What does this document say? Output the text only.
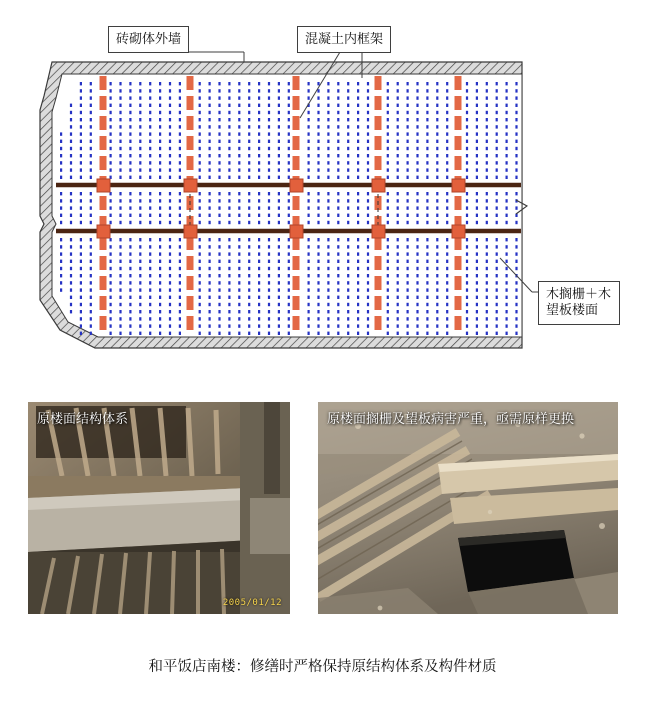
砖砌体外墙	混凝土内框架
木搁栅＋木望板楼面
原楼面结构体系
2005/01/12
原楼面搁栅及望板病害严重，亟需原样更换
和平饭店南楼：修缮时严格保持原结构体系及构件材质
